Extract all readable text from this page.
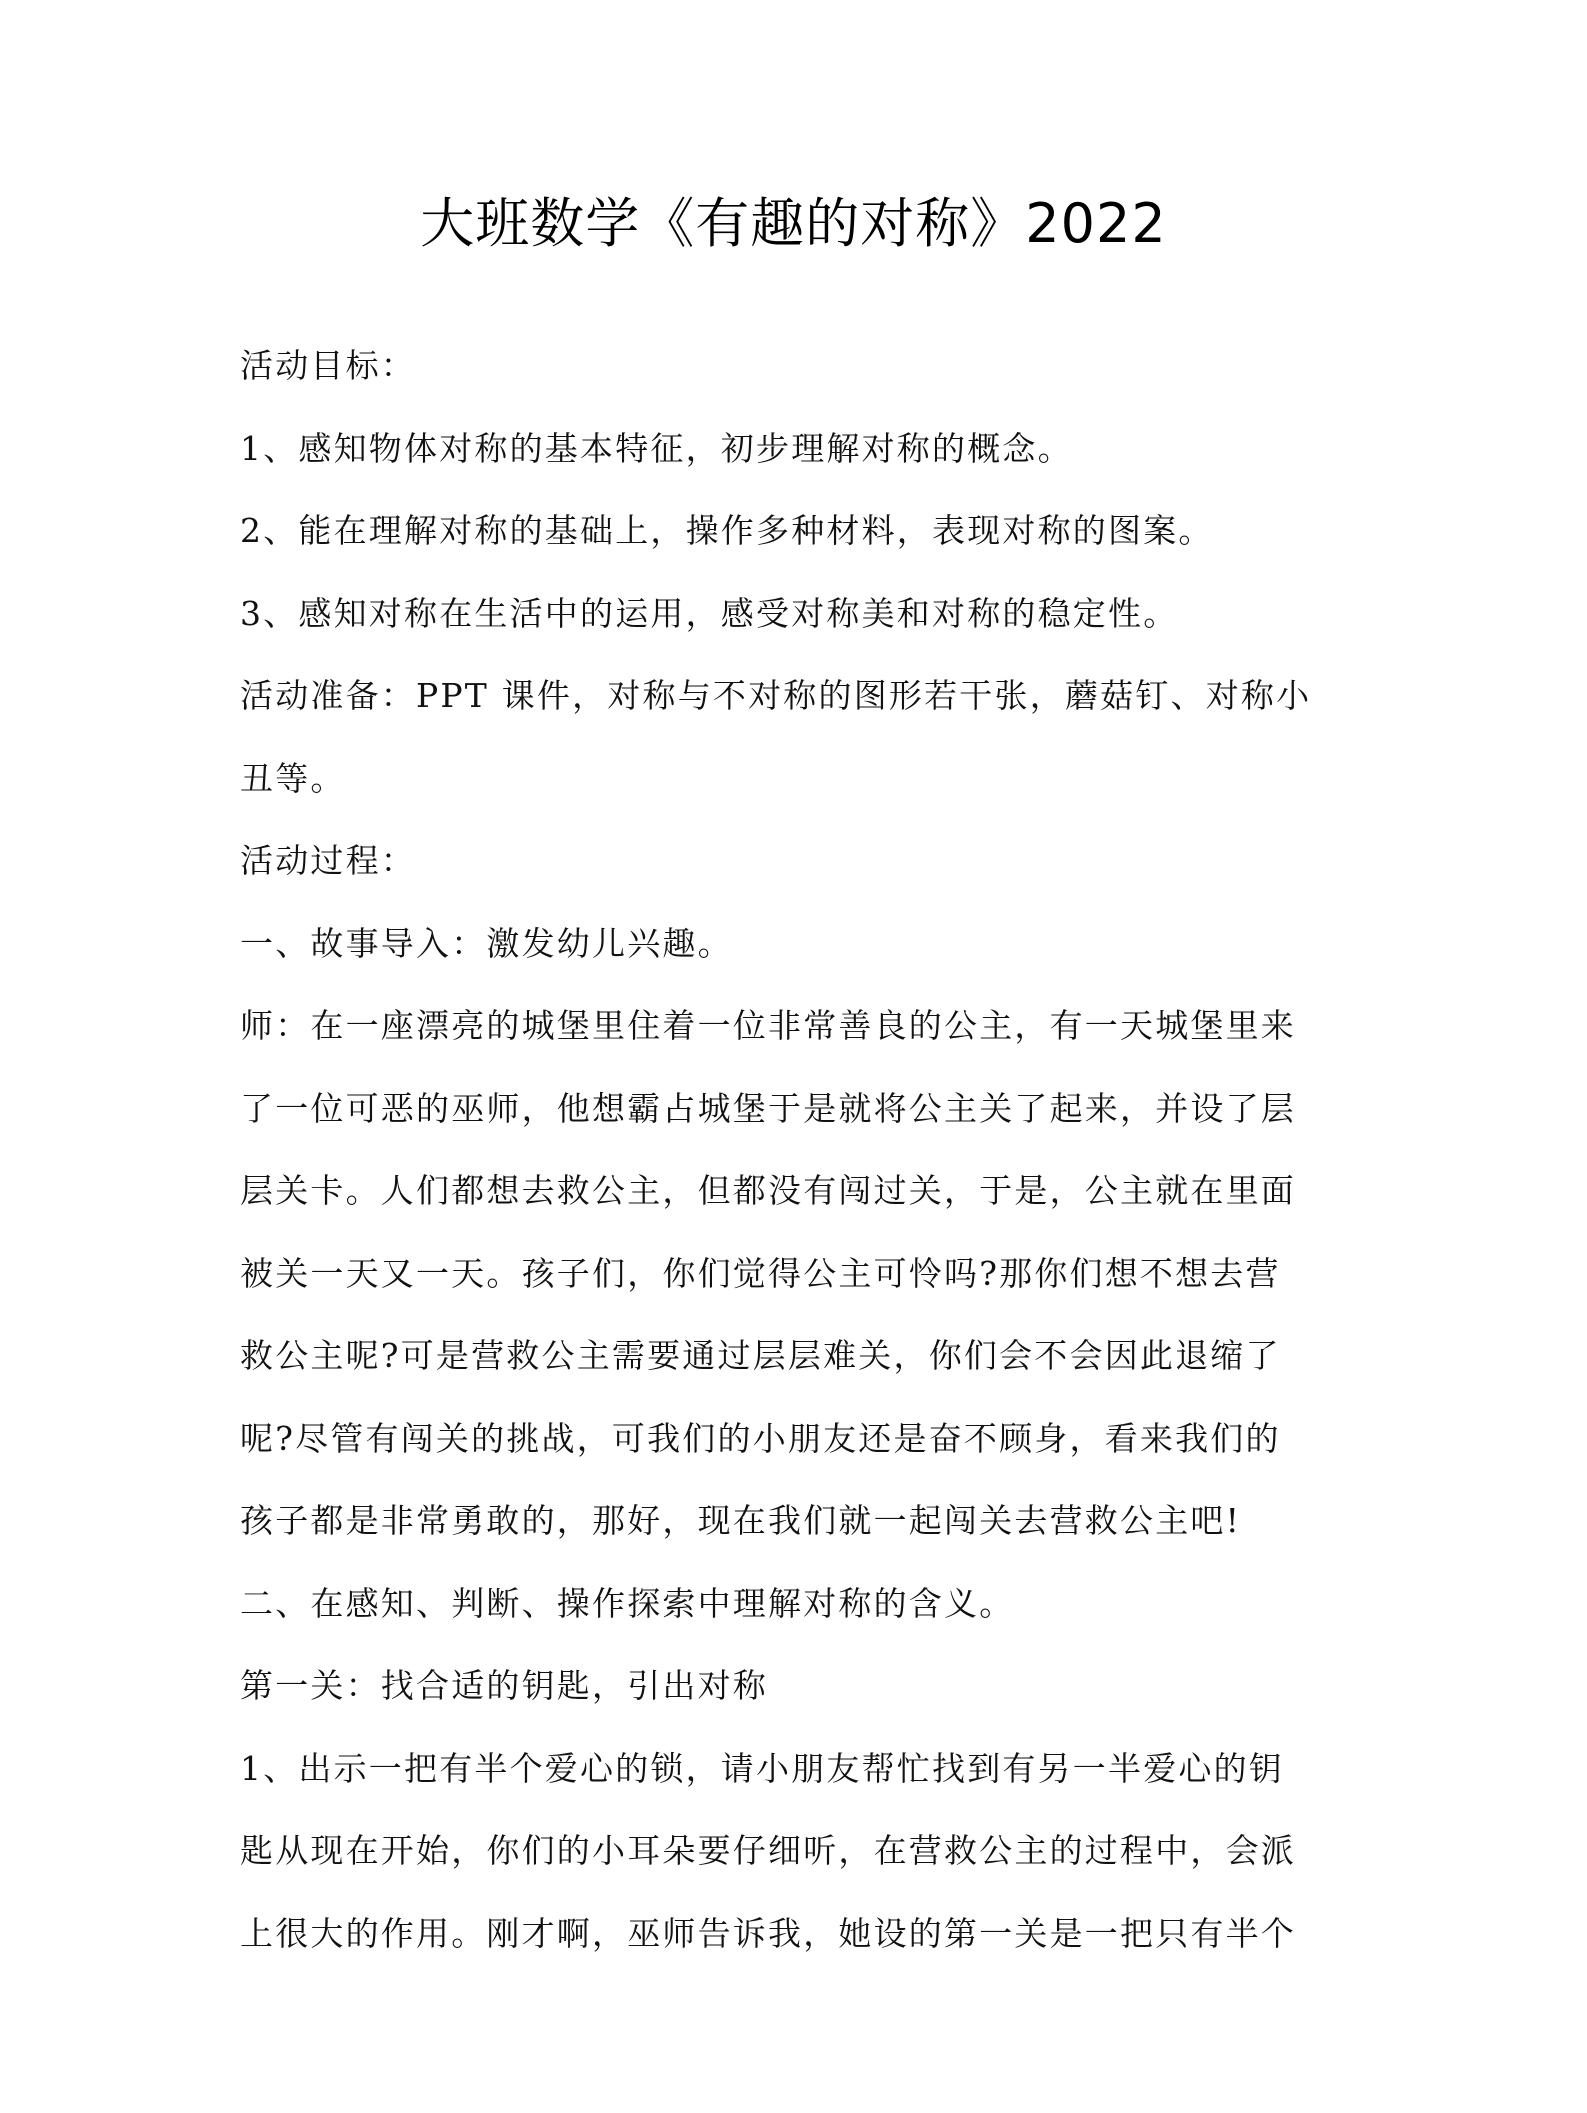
大班数学《有趣的对称》2022
活动目标：
1、感知物体对称的基本特征，初步理解对称的概念。
2、能在理解对称的基础上，操作多种材料，表现对称的图案。
3、感知对称在生活中的运用，感受对称美和对称的稳定性。
活动准备：PPT 课件，对称与不对称的图形若干张，蘑菇钉、对称小
丑等。
活动过程：
一、故事导入：激发幼儿兴趣。
师：在一座漂亮的城堡里住着一位非常善良的公主，有一天城堡里来
了一位可恶的巫师，他想霸占城堡于是就将公主关了起来，并设了层
层关卡。人们都想去救公主，但都没有闯过关，于是，公主就在里面
被关一天又一天。孩子们，你们觉得公主可怜吗?那你们想不想去营
救公主呢?可是营救公主需要通过层层难关，你们会不会因此退缩了
呢?尽管有闯关的挑战，可我们的小朋友还是奋不顾身，看来我们的
孩子都是非常勇敢的，那好，现在我们就一起闯关去营救公主吧!
二、在感知、判断、操作探索中理解对称的含义。
第一关：找合适的钥匙，引出对称
1、出示一把有半个爱心的锁，请小朋友帮忙找到有另一半爱心的钥
匙从现在开始，你们的小耳朵要仔细听，在营救公主的过程中，会派
上很大的作用。刚才啊，巫师告诉我，她设的第一关是一把只有半个
